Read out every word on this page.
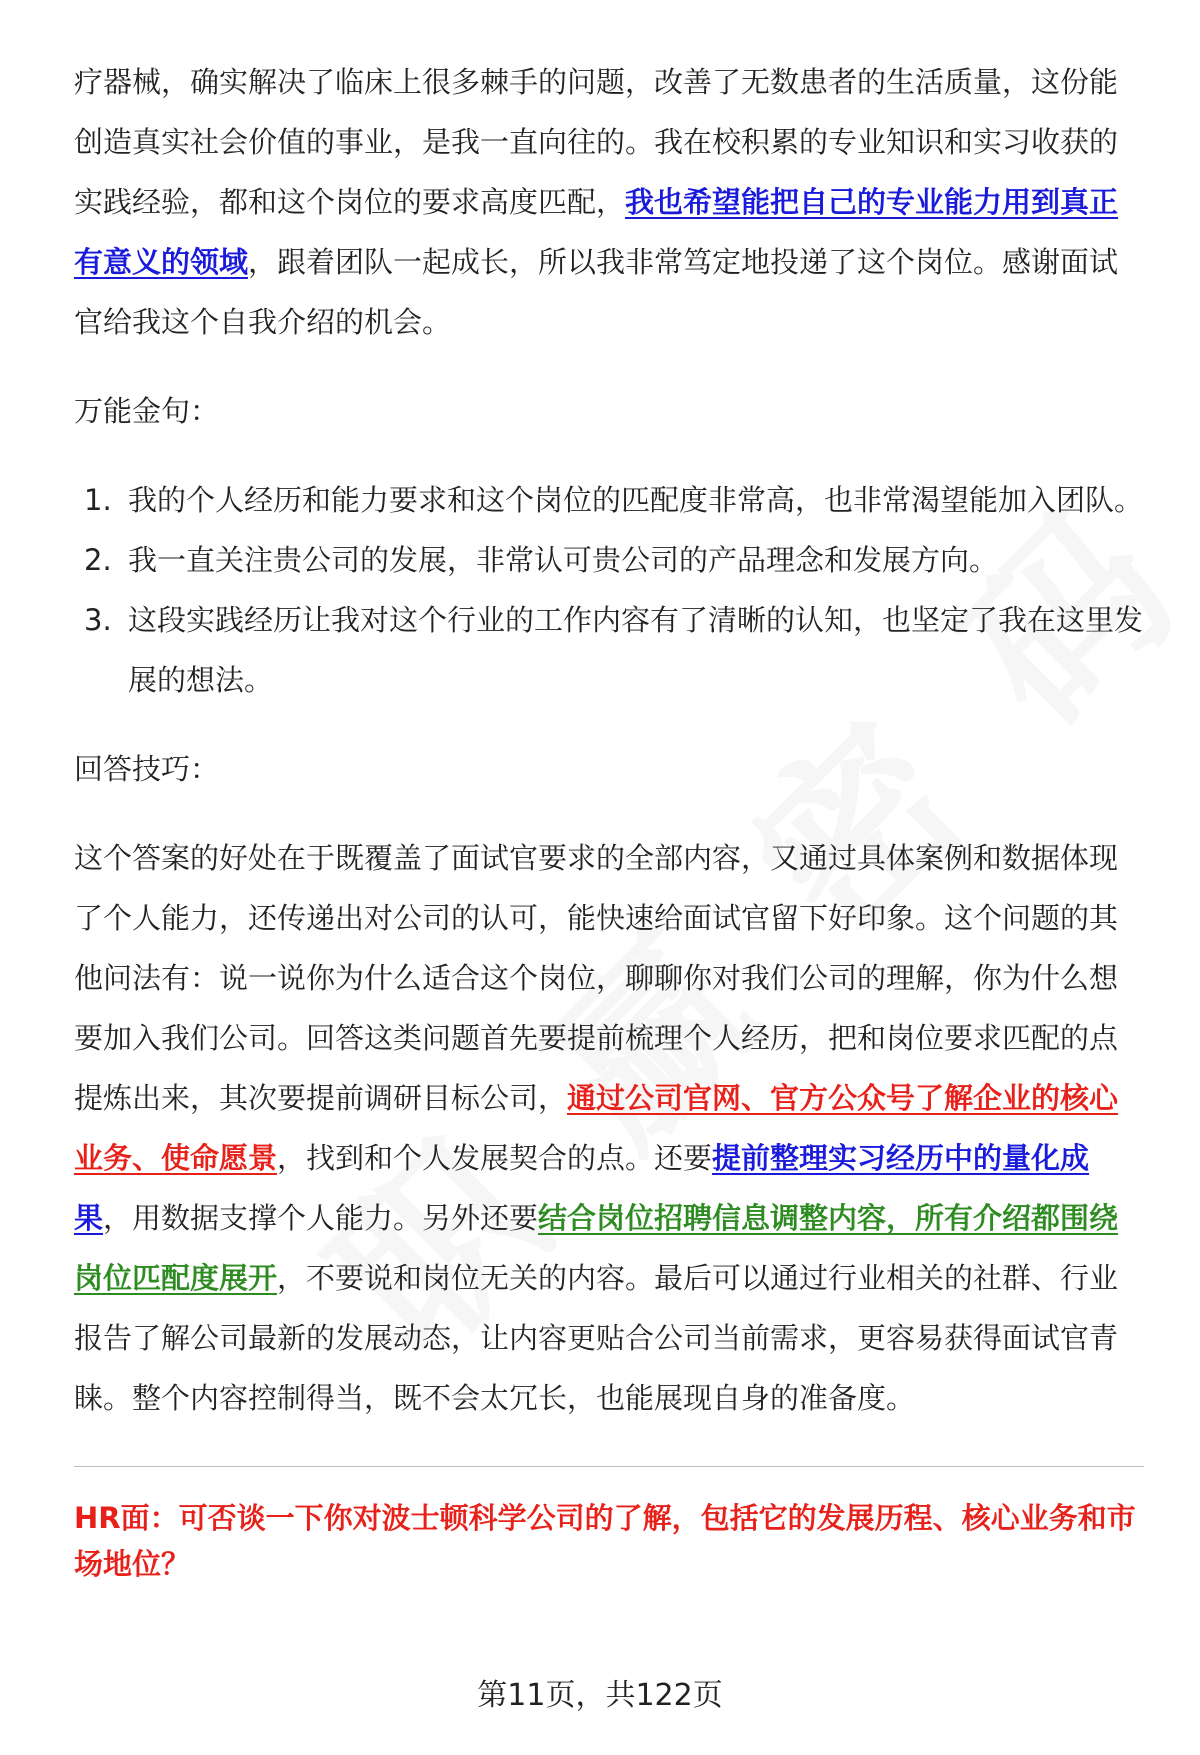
疗器械，确实解决了临床上很多棘手的问题，改善了无数患者的生活质量，这份能创造真实社会价值的事业，是我一直向往的。我在校积累的专业知识和实习收获的实践经验，都和这个岗位的要求高度匹配，我也希望能把自己的专业能力用到真正有意义的领域，跟着团队一起成长，所以我非常笃定地投递了这个岗位。感谢面试官给我这个自我介绍的机会。

万能金句：

1. 我的个人经历和能力要求和这个岗位的匹配度非常高，也非常渴望能加入团队。
2. 我一直关注贵公司的发展，非常认可贵公司的产品理念和发展方向。
3. 这段实践经历让我对这个行业的工作内容有了清晰的认知，也坚定了我在这里发展的想法。

回答技巧：

这个答案的好处在于既覆盖了面试官要求的全部内容，又通过具体案例和数据体现了个人能力，还传递出对公司的认可，能快速给面试官留下好印象。这个问题的其他问法有：说一说你为什么适合这个岗位，聊聊你对我们公司的理解，你为什么想要加入我们公司。回答这类问题首先要提前梳理个人经历，把和岗位要求匹配的点提炼出来，其次要提前调研目标公司，通过公司官网、官方公众号了解企业的核心业务、使命愿景，找到和个人发展契合的点。还要提前整理实习经历中的量化成果，用数据支撑个人能力。另外还要结合岗位招聘信息调整内容，所有介绍都围绕岗位匹配度展开，不要说和岗位无关的内容。最后可以通过行业相关的社群、行业报告了解公司最新的发展动态，让内容更贴合公司当前需求，更容易获得面试官青睐。整个内容控制得当，既不会太冗长，也能展现自身的准备度。

HR面：可否谈一下你对波士顿科学公司的了解，包括它的发展历程、核心业务和市场地位？

第11页，共122页
